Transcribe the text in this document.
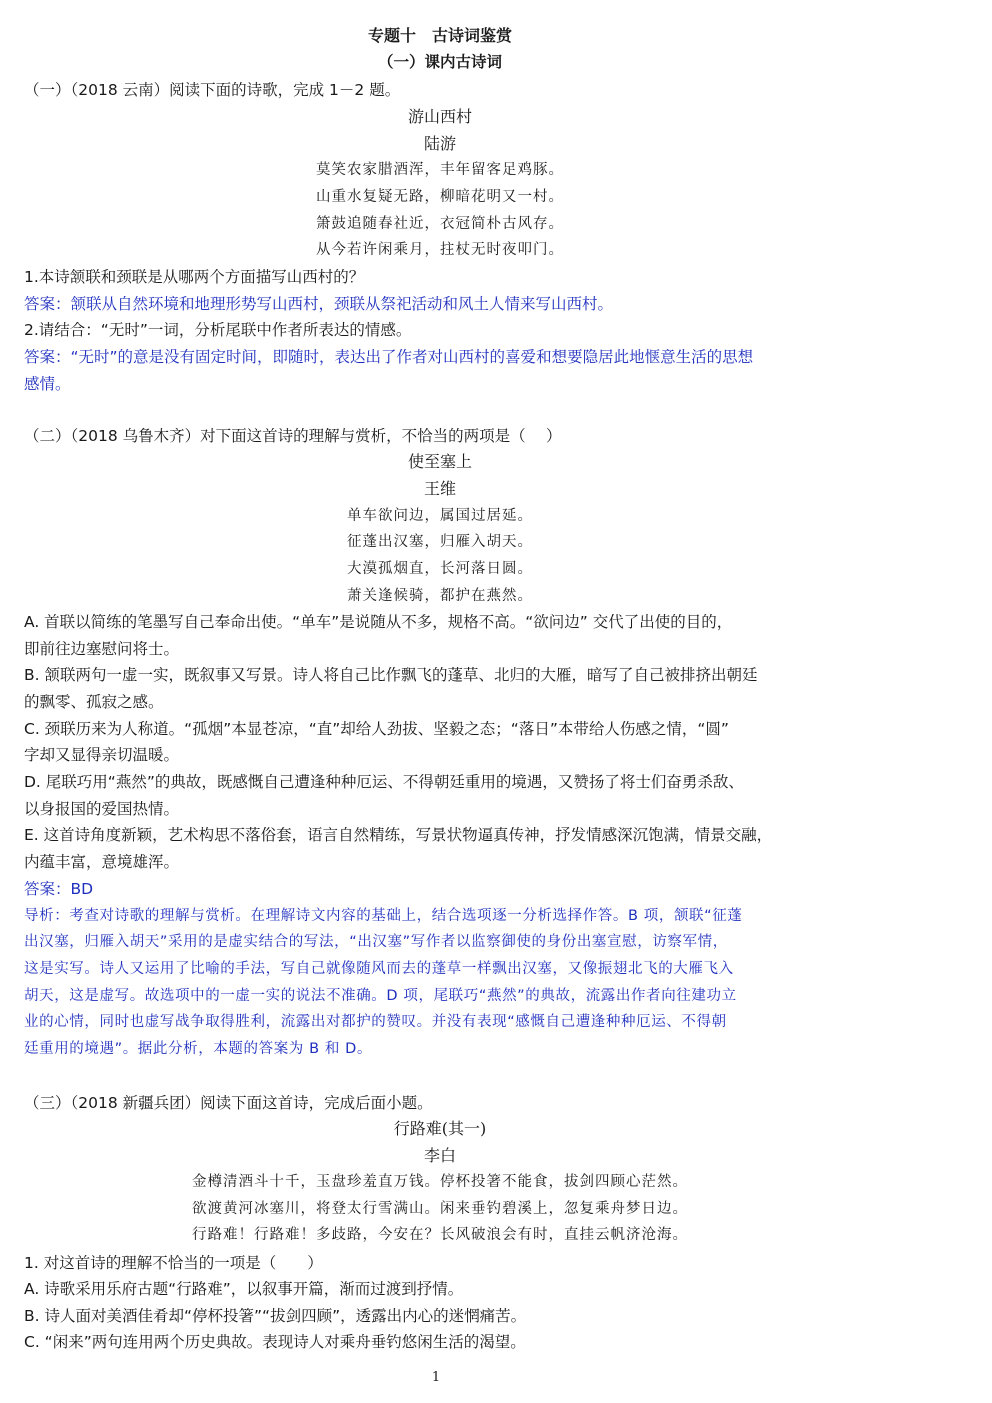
专题十　古诗词鉴赏
（一）课内古诗词
（一）（2018 云南）阅读下面的诗歌，完成 1－2 题。
游山西村
陆游
莫笑农家腊酒浑，丰年留客足鸡豚。
山重水复疑无路，柳暗花明又一村。
箫鼓追随春社近，衣冠简朴古风存。
从今若许闲乘月，拄杖无时夜叩门。
1.本诗颔联和颈联是从哪两个方面描写山西村的？
答案：颔联从自然环境和地理形势写山西村，颈联从祭祀活动和风土人情来写山西村。
2.请结合：“无时”一词，分析尾联中作者所表达的情感。
答案：“无时”的意是没有固定时间，即随时，表达出了作者对山西村的喜爱和想要隐居此地惬意生活的思想
感情。
（二）（2018 乌鲁木齐）对下面这首诗的理解与赏析，不恰当的两项是（　 ）
使至塞上
王维
单车欲问边，属国过居延。
征蓬出汉塞，归雁入胡天。
大漠孤烟直，长河落日圆。
萧关逢候骑，都护在燕然。
A. 首联以简练的笔墨写自己奉命出使。“单车”是说随从不多，规格不高。“欲问边” 交代了出使的目的，
即前往边塞慰问将士。
B. 颔联两句一虚一实，既叙事又写景。诗人将自己比作飘飞的蓬草、北归的大雁，暗写了自己被排挤出朝廷
的飘零、孤寂之感。
C. 颈联历来为人称道。“孤烟”本显苍凉，“直”却给人劲拔、坚毅之态；“落日”本带给人伤感之情，“圆”
字却又显得亲切温暖。
D. 尾联巧用“燕然”的典故，既感慨自己遭逢种种厄运、不得朝廷重用的境遇，又赞扬了将士们奋勇杀敌、
以身报国的爱国热情。
E. 这首诗角度新颖，艺术构思不落俗套，语言自然精练，写景状物逼真传神，抒发情感深沉饱满，情景交融，
内蕴丰富，意境雄浑。
答案：BD
导析：考查对诗歌的理解与赏析。在理解诗文内容的基础上，结合选项逐一分析选择作答。B 项，颔联“征蓬
出汉塞，归雁入胡天”采用的是虚实结合的写法，“出汉塞”写作者以监察御使的身份出塞宣慰，访察军情，
这是实写。诗人又运用了比喻的手法，写自己就像随风而去的蓬草一样飘出汉塞，又像振翅北飞的大雁飞入
胡天，这是虚写。故选项中的一虚一实的说法不准确。D 项，尾联巧“燕然”的典故，流露出作者向往建功立
业的心情，同时也虚写战争取得胜利，流露出对都护的赞叹。并没有表现“感慨自己遭逢种种厄运、不得朝
廷重用的境遇”。据此分析，本题的答案为 B 和 D。
（三）（2018 新疆兵团）阅读下面这首诗，完成后面小题。
行路难(其一)
李白
金樽清酒斗十千，玉盘珍羞直万钱。停杯投箸不能食，拔剑四顾心茫然。
欲渡黄河冰塞川，将登太行雪满山。闲来垂钓碧溪上，忽复乘舟梦日边。
行路难！行路难！多歧路，今安在？长风破浪会有时，直挂云帆济沧海。
1. 对这首诗的理解不恰当的一项是（　　）
A. 诗歌采用乐府古题“行路难”，以叙事开篇，渐而过渡到抒情。
B. 诗人面对美酒佳肴却“停杯投箸”“拔剑四顾”，透露出内心的迷惘痛苦。
C. “闲来”两句连用两个历史典故。表现诗人对乘舟垂钓悠闲生活的渴望。
1
